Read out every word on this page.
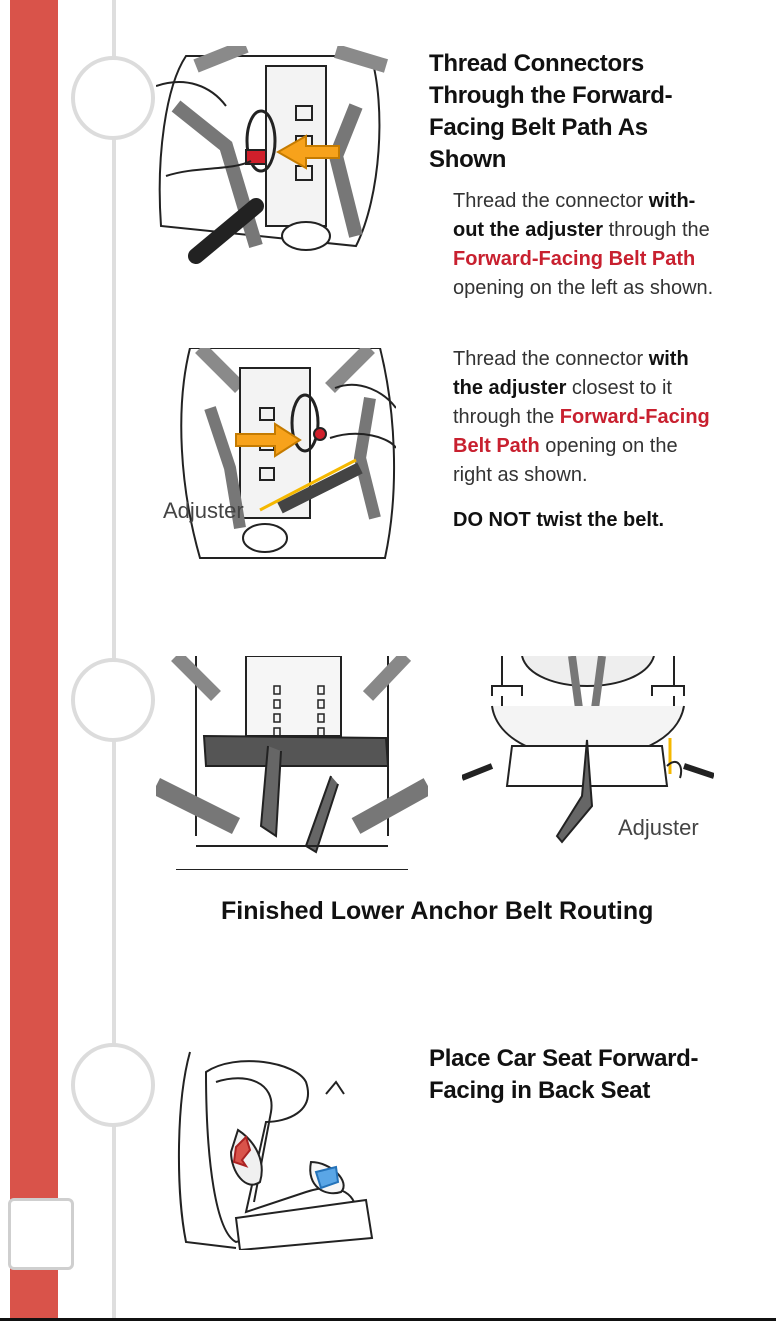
Thread Connectors
Through the Forward-
Facing Belt Path As
Shown
Thread the connector with-out the adjuster through the Forward-Facing Belt Path opening on the left as shown.
Adjuster
Thread the connector with the adjuster closest to it through the Forward-Facing Belt Path opening on the right as shown.
DO NOT twist the belt.
Adjuster
Finished Lower Anchor Belt Routing
Place Car Seat Forward-
Facing in Back Seat
